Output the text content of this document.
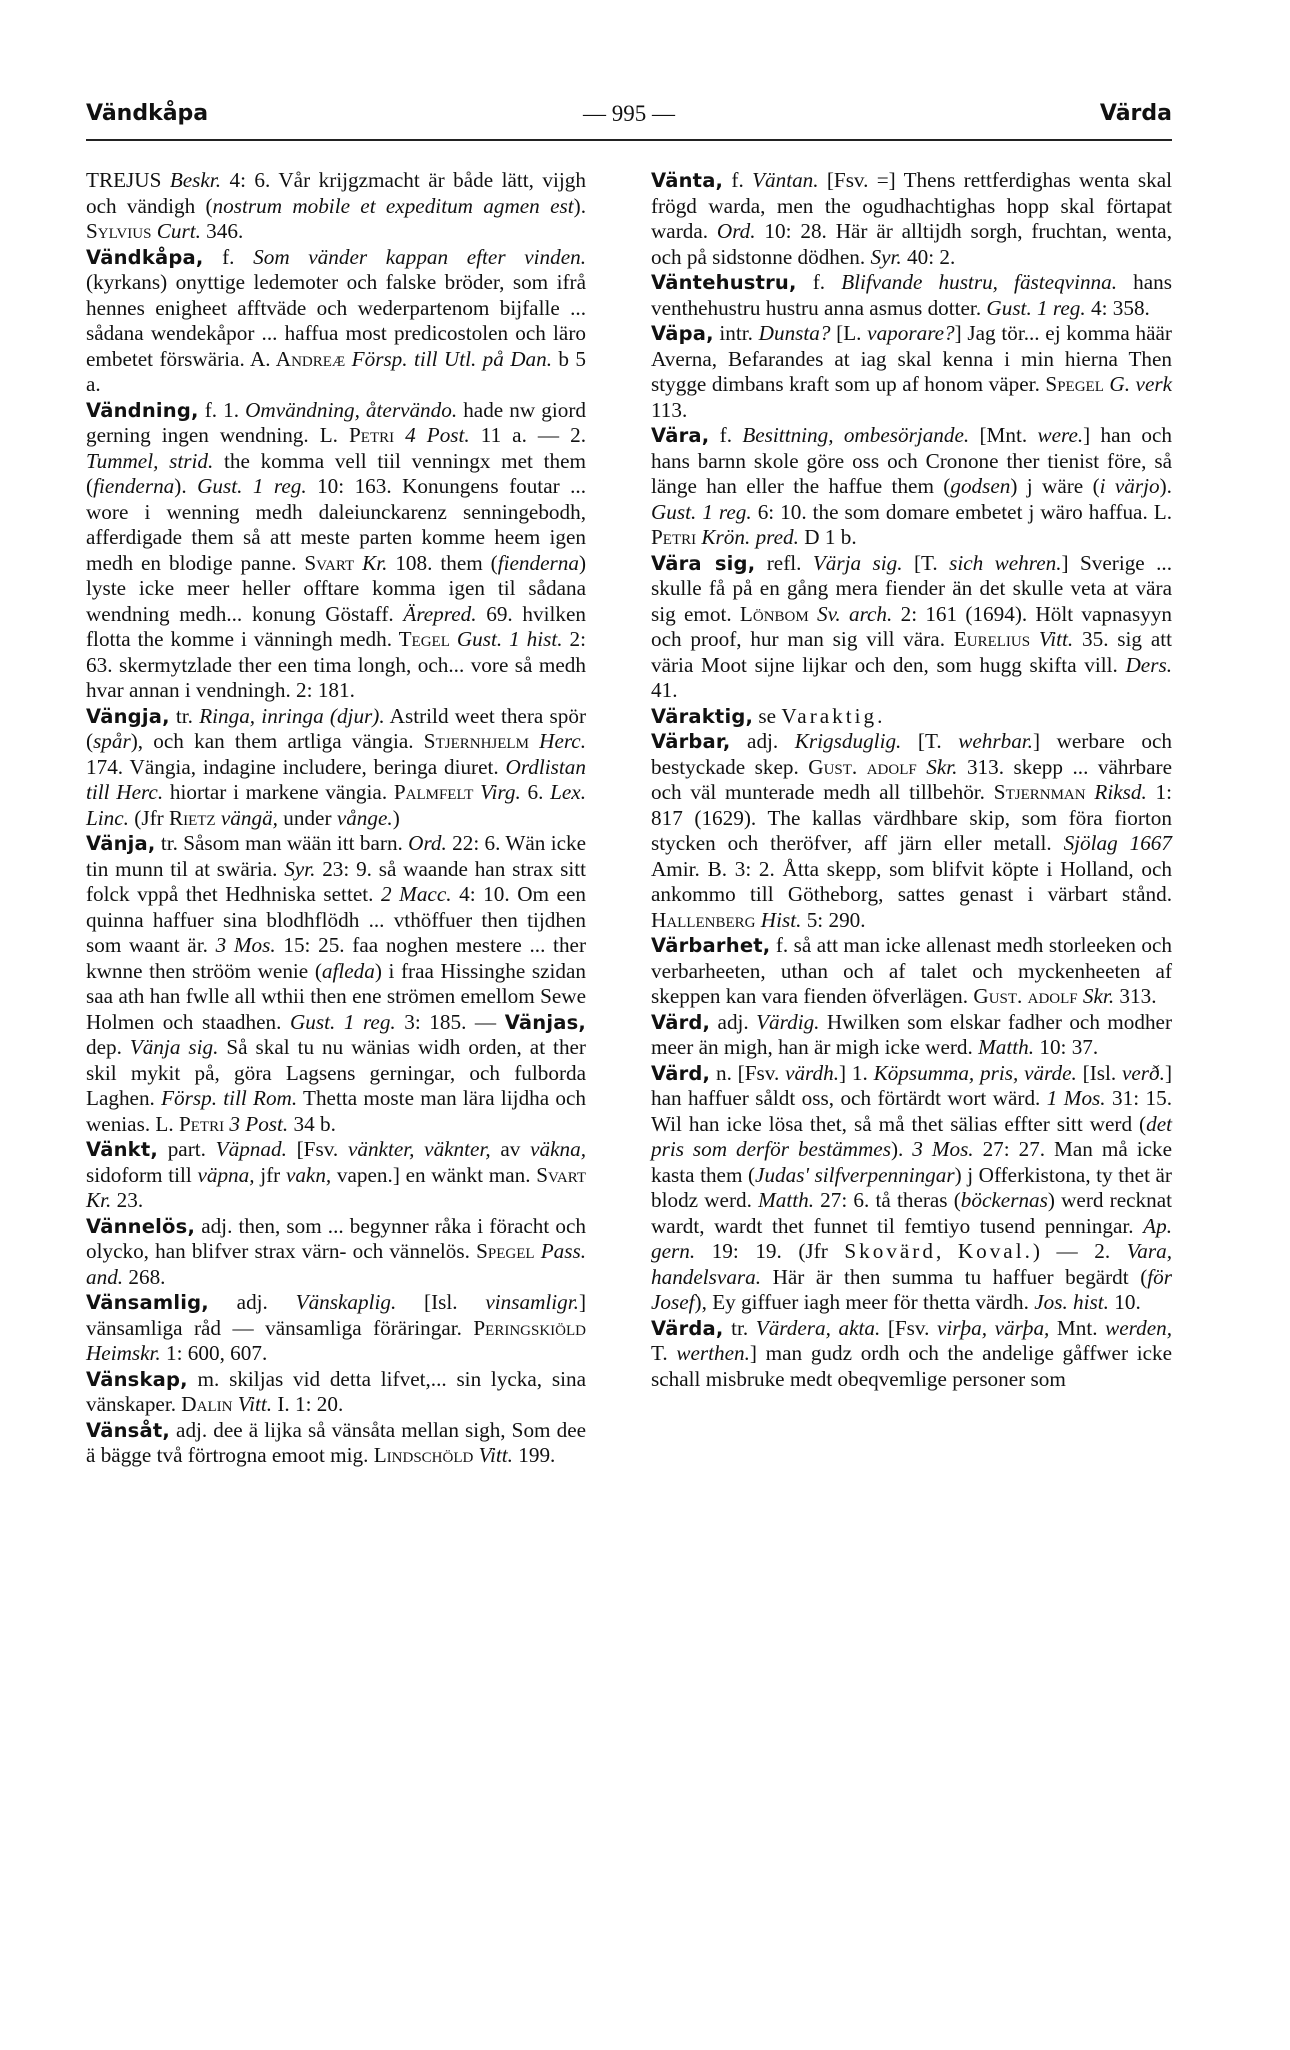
Vändkåpa	— 995 —	Värda

TREJUS Beskr. 4: 6. Vår krijgzmacht är både lätt, vijgh och vändigh (nostrum mobile et expeditum agmen est). Sylvius Curt. 346.

Vändkåpa, f. Som vänder kappan efter vinden. (kyrkans) onyttige ledemoter och falske bröder, som ifrå hennes enigheet afftväde och wederpartenom bijfalle ... sådana wendekåpor ... haffua most predicostolen och läro embetet förswäria. A. Andreæ Försp. till Utl. på Dan. b 5 a.

Vändning, f. 1. Omvändning, återvändo. hade nw giord gerning ingen wendning. L. Petri 4 Post. 11 a. — 2. Tummel, strid. the komma vell tiil venningx met them (fienderna). Gust. 1 reg. 10: 163. Konungens foutar ... wore i wenning medh daleiunckarenz senningebodh, afferdigade them så att meste parten komme heem igen medh en blodige panne. Svart Kr. 108. them (fienderna) lyste icke meer heller offtare komma igen til sådana wendning medh... konung Göstaff. Ärepred. 69. hvilken flotta the komme i vänningh medh. Tegel Gust. 1 hist. 2: 63. skermytzlade ther een tima longh, och... vore så medh hvar annan i vendningh. 2: 181.

Vängja, tr. Ringa, inringa (djur). Astrild weet thera spör (spår), och kan them artliga vängia. Stjernhjelm Herc. 174. Vängia, indagine includere, beringa diuret. Ordlistan till Herc. hiortar i markene vängia. Palmfelt Virg. 6. Lex. Linc. (Jfr Rietz vängä, under vånge.)

Vänja, tr. Såsom man wään itt barn. Ord. 22: 6. Wän icke tin munn til at swäria. Syr. 23: 9. så waande han strax sitt folck vppå thet Hedhniska settet. 2 Macc. 4: 10. Om een quinna haffuer sina blodhflödh ... vthöffuer then tijdhen som waant är. 3 Mos. 15: 25. faa noghen mestere ... ther kwnne then strööm wenie (afleda) i fraa Hissinghe szidan saa ath han fwlle all wthii then ene strömen emellom Sewe Holmen och staadhen. Gust. 1 reg. 3: 185. — Vänjas, dep. Vänja sig. Så skal tu nu wänias widh orden, at ther skil mykit på, göra Lagsens gerningar, och fulborda Laghen. Försp. till Rom. Thetta moste man lära lijdha och wenias. L. Petri 3 Post. 34 b.

Vänkt, part. Väpnad. [Fsv. vänkter, väknter, av väkna, sidoform till väpna, jfr vakn, vapen.] en wänkt man. Svart Kr. 23.

Vännelös, adj. then, som ... begynner råka i föracht och olycko, han blifver strax värn- och vännelös. Spegel Pass. and. 268.

Vänsamlig, adj. Vänskaplig. [Isl. vinsamligr.] vänsamliga råd — vänsamliga föräringar. Peringskiöld Heimskr. 1: 600, 607.

Vänskap, m. skiljas vid detta lifvet,... sin lycka, sina vänskaper. Dalin Vitt. I. 1: 20.

Vänsåt, adj. dee ä lijka så vänsåta mellan sigh, Som dee ä bägge två förtrogna emoot mig. Lindschöld Vitt. 199.

Vänta, f. Väntan. [Fsv. =] Thens rettferdighas wenta skal frögd warda, men the ogudhachtighas hopp skal förtapat warda. Ord. 10: 28. Här är alltijdh sorgh, fruchtan, wenta, och på sidstonne dödhen. Syr. 40: 2.

Väntehustru, f. Blifvande hustru, fästeqvinna. hans venthehustru hustru anna asmus dotter. Gust. 1 reg. 4: 358.

Väpa, intr. Dunsta? [L. vaporare?] Jag tör... ej komma häär Averna, Befarandes at iag skal kenna i min hierna Then stygge dimbans kraft som up af honom väper. Spegel G. verk 113.

Vära, f. Besittning, ombesörjande. [Mnt. were.] han och hans barnn skole göre oss och Cronone ther tienist före, så länge han eller the haffue them (godsen) j wäre (i värjo). Gust. 1 reg. 6: 10. the som domare embetet j wäro haffua. L. Petri Krön. pred. D 1 b.

Vära sig, refl. Värja sig. [T. sich wehren.] Sverige ... skulle få på en gång mera fiender än det skulle veta at vära sig emot. Lönbom Sv. arch. 2: 161 (1694). Hölt vapnasyyn och proof, hur man sig vill vära. Eurelius Vitt. 35. sig att väria Moot sijne lijkar och den, som hugg skifta vill. Ders. 41.

Väraktig, se Varaktig.

Värbar, adj. Krigsduglig. [T. wehrbar.] werbare och bestyckade skep. Gust. adolf Skr. 313. skepp ... vährbare och väl munterade medh all tillbehör. Stjernman Riksd. 1: 817 (1629). The kallas värdhbare skip, som föra fiorton stycken och theröfver, aff järn eller metall. Sjölag 1667 Amir. B. 3: 2. Åtta skepp, som blifvit köpte i Holland, och ankommo till Götheborg, sattes genast i värbart stånd. Hallenberg Hist. 5: 290.

Värbarhet, f. så att man icke allenast medh storleeken och verbarheeten, uthan och af talet och myckenheeten af skeppen kan vara fienden öfverlägen. Gust. adolf Skr. 313.

Värd, adj. Värdig. Hwilken som elskar fadher och modher meer än migh, han är migh icke werd. Matth. 10: 37.

Värd, n. [Fsv. värdh.] 1. Köpsumma, pris, värde. [Isl. verð.] han haffuer såldt oss, och förtärdt wort wärd. 1 Mos. 31: 15. Wil han icke lösa thet, så må thet sälias effter sitt werd (det pris som derför bestämmes). 3 Mos. 27: 27. Man må icke kasta them (Judas' silfverpenningar) j Offerkistona, ty thet är blodz werd. Matth. 27: 6. tå theras (böckernas) werd recknat wardt, wardt thet funnet til femtiyo tusend penningar. Ap. gern. 19: 19. (Jfr Skovärd, Koval.) — 2. Vara, handelsvara. Här är then summa tu haffuer begärdt (för Josef), Ey giffuer iagh meer för thetta värdh. Jos. hist. 10.

Värda, tr. Värdera, akta. [Fsv. virþa, värþa, Mnt. werden, T. werthen.] man gudz ordh och the andelige gåffwer icke schall misbruke medt obeqvemlige personer som
